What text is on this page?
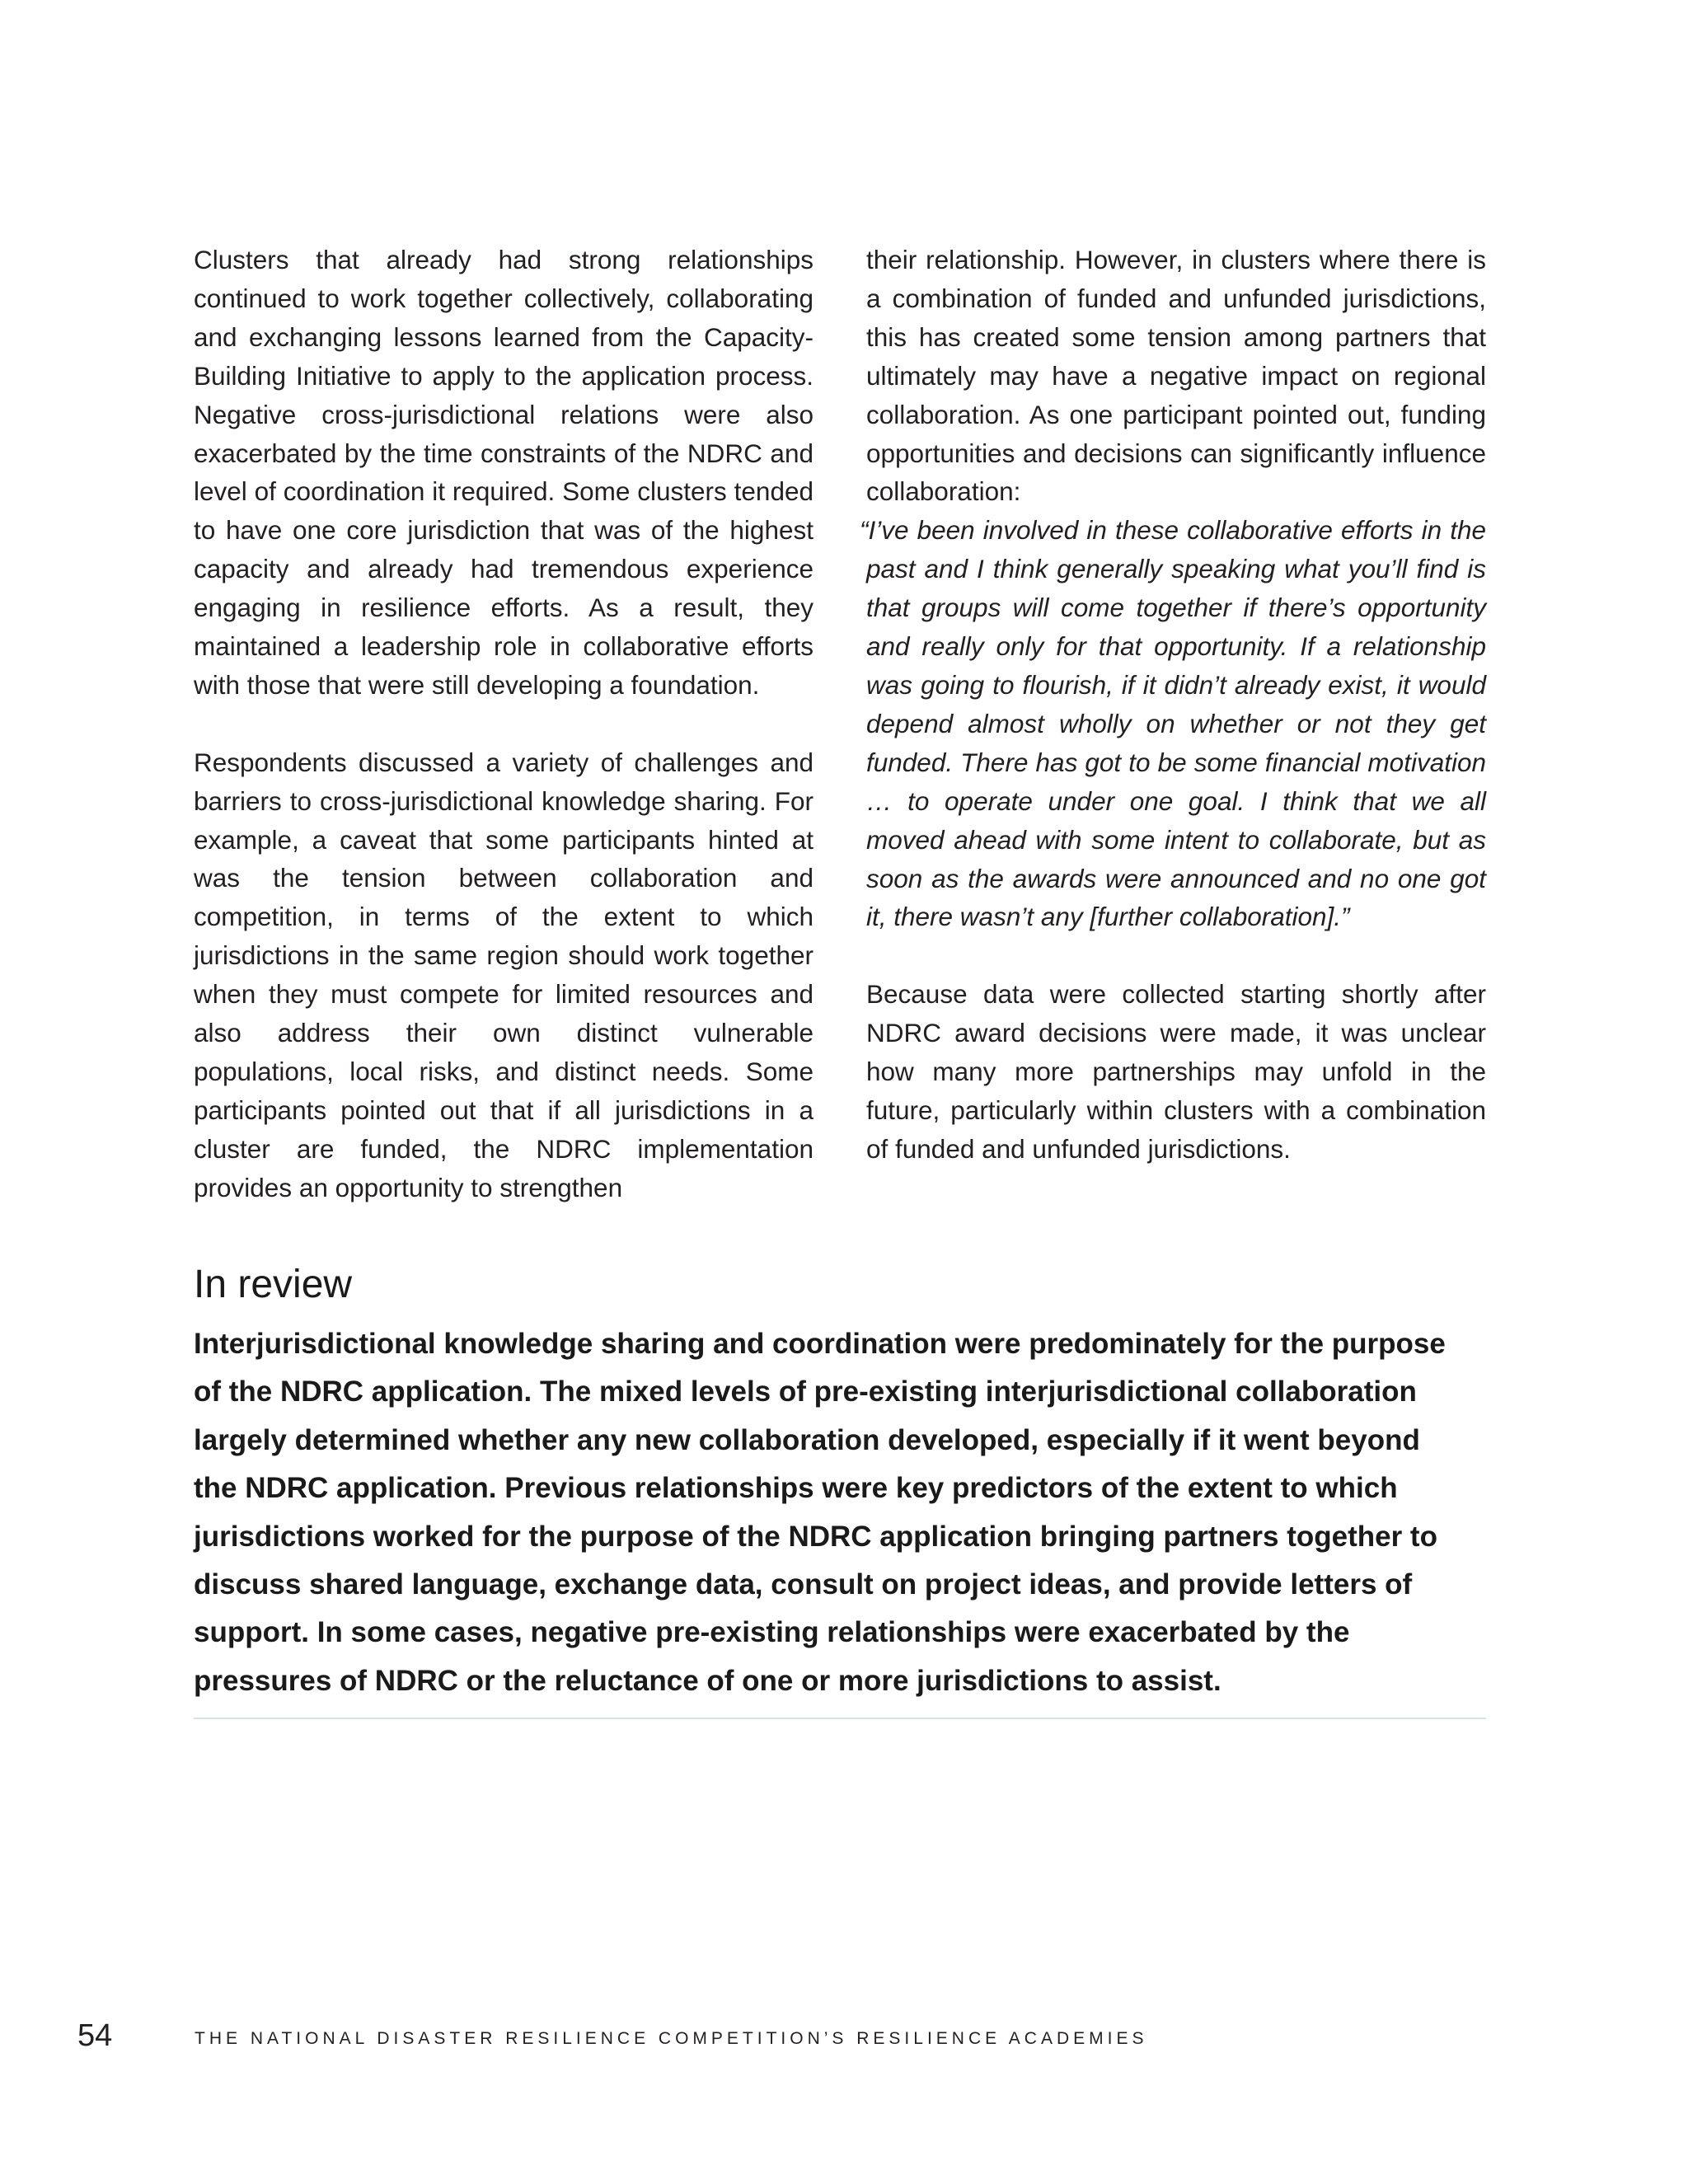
Clusters that already had strong relationships continued to work together collectively, collaborating and exchanging lessons learned from the Capacity-Building Initiative to apply to the application process. Negative cross-jurisdictional relations were also exacerbated by the time constraints of the NDRC and level of coordination it required. Some clusters tended to have one core jurisdiction that was of the highest capacity and already had tremendous experience engaging in resilience efforts. As a result, they maintained a leadership role in collaborative efforts with those that were still developing a foundation.

Respondents discussed a variety of challenges and barriers to cross-jurisdictional knowledge sharing. For example, a caveat that some participants hinted at was the tension between collaboration and competition, in terms of the extent to which jurisdictions in the same region should work together when they must compete for limited resources and also address their own distinct vulnerable populations, local risks, and distinct needs. Some participants pointed out that if all jurisdictions in a cluster are funded, the NDRC implementation provides an opportunity to strengthen

their relationship. However, in clusters where there is a combination of funded and unfunded jurisdictions, this has created some tension among partners that ultimately may have a negative impact on regional collaboration. As one participant pointed out, funding opportunities and decisions can significantly influence collaboration:

“I’ve been involved in these collaborative efforts in the past and I think generally speaking what you’ll find is that groups will come together if there’s opportunity and really only for that opportunity. If a relationship was going to flourish, if it didn’t already exist, it would depend almost wholly on whether or not they get funded. There has got to be some financial motivation … to operate under one goal. I think that we all moved ahead with some intent to collaborate, but as soon as the awards were announced and no one got it, there wasn’t any [further collaboration].”

Because data were collected starting shortly after NDRC award decisions were made, it was unclear how many more partnerships may unfold in the future, particularly within clusters with a combination of funded and unfunded jurisdictions.

In review

Interjurisdictional knowledge sharing and coordination were predominately for the purpose of the NDRC application. The mixed levels of pre-existing interjurisdictional collaboration largely determined whether any new collaboration developed, especially if it went beyond the NDRC application. Previous relationships were key predictors of the extent to which jurisdictions worked for the purpose of the NDRC application bringing partners together to discuss shared language, exchange data, consult on project ideas, and provide letters of support. In some cases, negative pre-existing relationships were exacerbated by the pressures of NDRC or the reluctance of one or more jurisdictions to assist.

54	THE NATIONAL DISASTER RESILIENCE COMPETITION’S RESILIENCE ACADEMIES
